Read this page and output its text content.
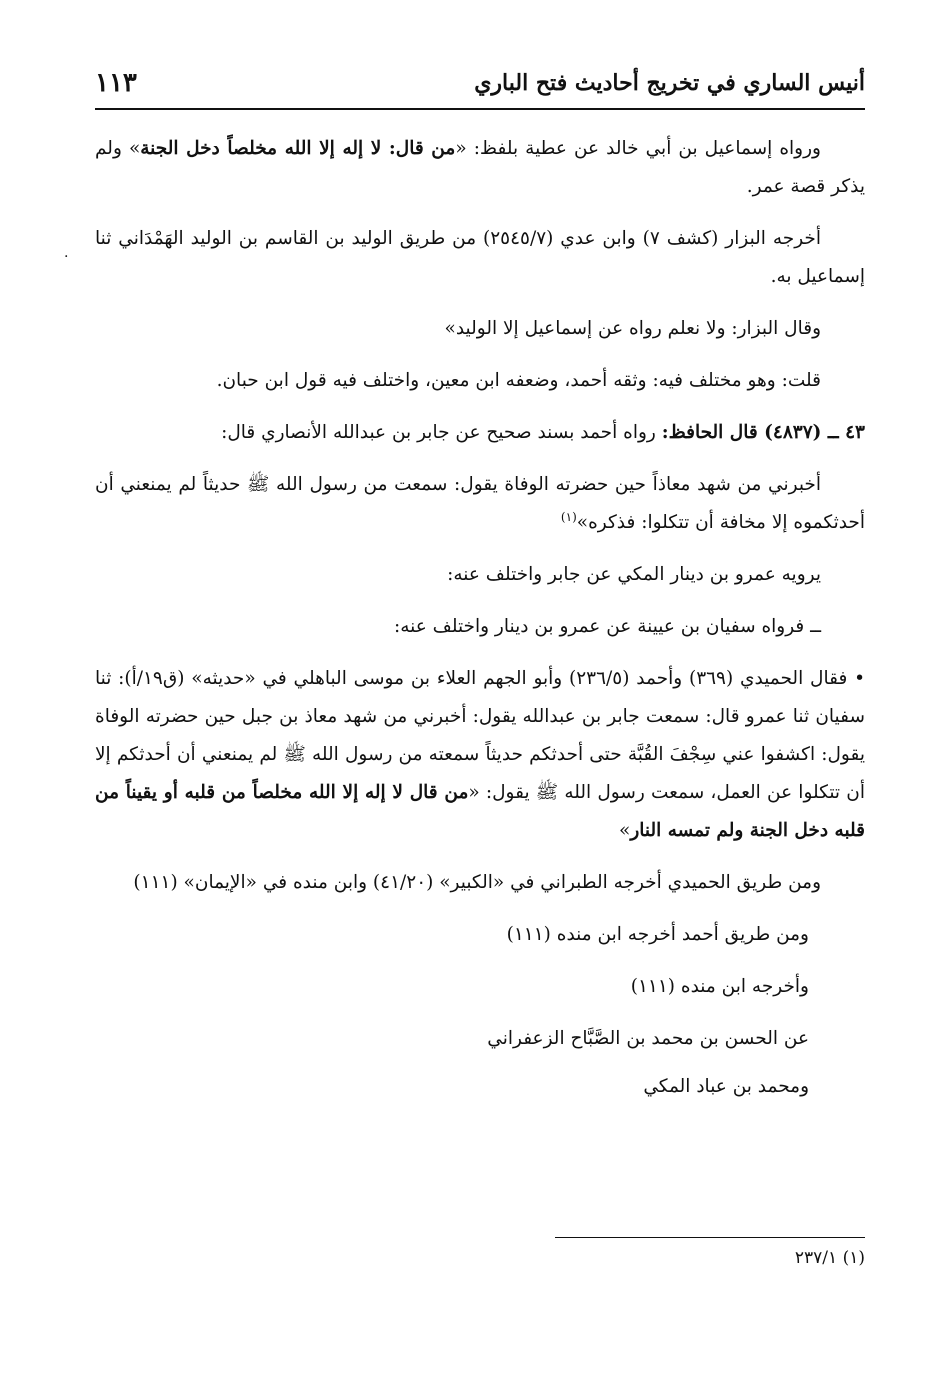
أنيس الساري في تخريج أحاديث فتح الباري
١١٣
.

ورواه إسماعيل بن أبي خالد عن عطية بلفظ: «من قال: لا إله إلا الله مخلصاً دخل الجنة» ولم يذكر قصة عمر.

أخرجه البزار (كشف ٧) وابن عدي (٢٥٤٥/٧) من طريق الوليد بن القاسم بن الوليد الهَمْدَاني ثنا إسماعيل به.

وقال البزار: ولا نعلم رواه عن إسماعيل إلا الوليد»

قلت: وهو مختلف فيه: وثقه أحمد، وضعفه ابن معين، واختلف فيه قول ابن حبان.

٤٣ ــ (٤٨٣٧) قال الحافظ: رواه أحمد بسند صحيح عن جابر بن عبدالله الأنصاري قال:

أخبرني من شهد معاذاً حين حضرته الوفاة يقول: سمعت من رسول الله ﷺ حديثاً لم يمنعني أن أحدثكموه إلا مخافة أن تتكلوا: فذكره»$^{(١)}$

يرويه عمرو بن دينار المكي عن جابر واختلف عنه:

ــ فرواه سفيان بن عيينة عن عمرو بن دينار واختلف عنه:

• فقال الحميدي (٣٦٩) وأحمد (٢٣٦/٥) وأبو الجهم العلاء بن موسى الباهلي في «حديثه» (ق١٩/أ): ثنا سفيان ثنا عمرو قال: سمعت جابر بن عبدالله يقول: أخبرني من شهد معاذ بن جبل حين حضرته الوفاة يقول: اكشفوا عني سِجْفَ القُبَّة حتى أحدثكم حديثاً سمعته من رسول الله ﷺ لم يمنعني أن أحدثكم إلا أن تتكلوا عن العمل، سمعت رسول الله ﷺ يقول: «من قال لا إله إلا الله مخلصاً من قلبه أو يقيناً من قلبه دخل الجنة ولم تمسه النار»

ومن طريق الحميدي أخرجه الطبراني في «الكبير» (٤١/٢٠) وابن منده في «الإيمان» (١١١)

ومن طريق أحمد أخرجه ابن منده (١١١)

وأخرجه ابن منده (١١١)

عن الحسن بن محمد بن الصَّبَّاح الزعفراني

ومحمد بن عباد المكي

(١) ٢٣٧/١
